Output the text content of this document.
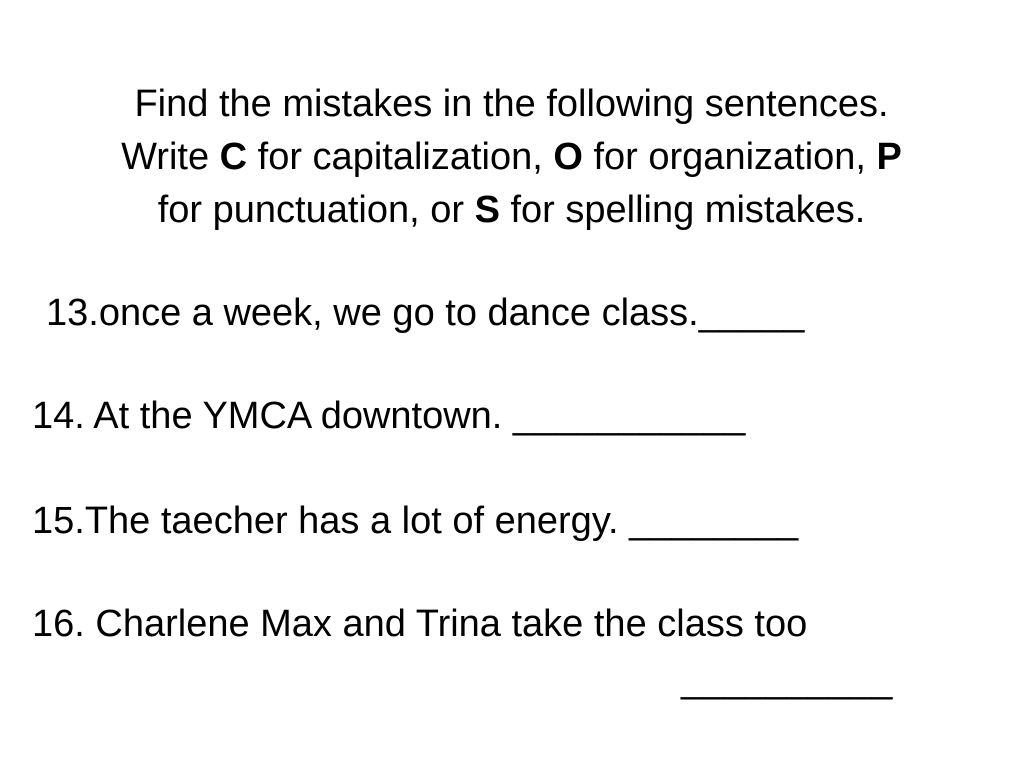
Find the mistakes in the following sentences.
Write C for capitalization, O for organization, P
for punctuation, or S for spelling mistakes.
13.once a week, we go to dance class._____
14. At the YMCA downtown. ___________
15.The taecher has a lot of energy. ________
16. Charlene Max and Trina take the class too
__________
